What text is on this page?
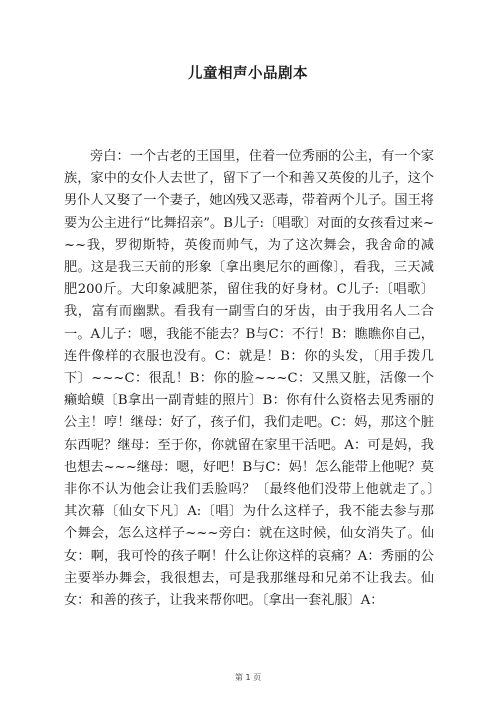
儿童相声小品剧本

旁白：一个古老的王国里，住着一位秀丽的公主，有一个家族，家中的女仆人去世了，留下了一个和善又英俊的儿子，这个男仆人又娶了一个妻子，她凶残又恶毒，带着两个儿子。国王将要为公主进行“比舞招亲”。B儿子:〔唱歌〕对面的女孩看过来~~~我，罗彻斯特，英俊而帅气，为了这次舞会，我舍命的减肥。这是我三天前的形象〔拿出奥尼尔的画像〕，看我，三天减肥200斤。大印象减肥茶，留住我的好身材。C儿子:〔唱歌〕我，富有而幽默。看我有一副雪白的牙齿，由于我用名人二合一。A儿子：嗯，我能不能去？B与C：不行！B：瞧瞧你自己，连件像样的衣服也没有。C：就是！B：你的头发，〔用手拨几下〕~~~C：很乱！B：你的脸~~~C：又黑又脏，活像一个癞蛤蟆〔B拿出一副青蛙的照片〕B：你有什么资格去见秀丽的公主！哼！继母：好了，孩子们，我们走吧。C：妈，那这个脏东西呢？继母：至于你，你就留在家里干活吧。A：可是妈，我也想去~~~继母：嗯，好吧！B与C：妈！怎么能带上他呢？莫非你不认为他会让我们丢脸吗？〔最终他们没带上他就走了。〕　其次幕〔仙女下凡〕A:〔唱〕为什么这样子，我不能去参与那个舞会，怎么这样子~~~旁白：就在这时候，仙女消失了。仙女：啊，我可怜的孩子啊！什么让你这样的哀痛？A：秀丽的公主要举办舞会，我很想去，可是我那继母和兄弟不让我去。仙女：和善的孩子，让我来帮你吧。〔拿出一套礼服〕A：

第 1 页
